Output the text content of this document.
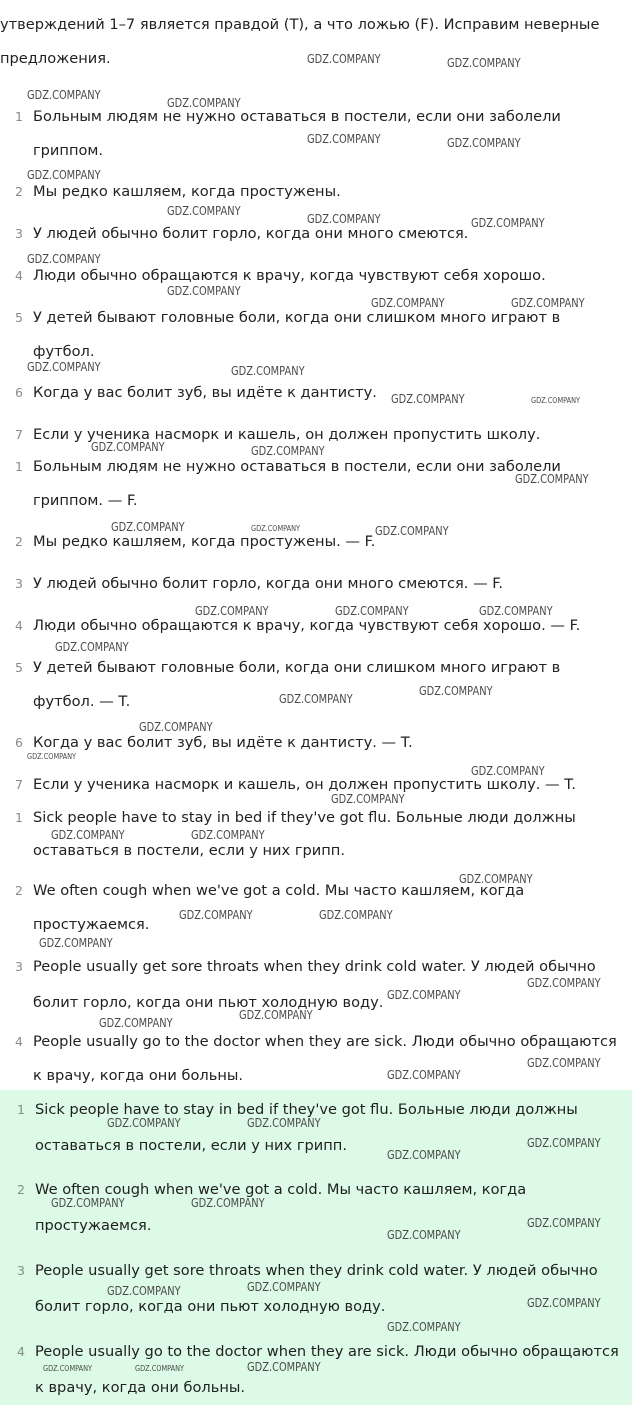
утверждений 1–7 является правдой (T), а что ложью (F). Исправим неверные предложения.

1 Больным людям не нужно оставаться в постели, если они заболели гриппом.
2 Мы редко кашляем, когда простужены.
3 У людей обычно болит горло, когда они много смеются.
4 Люди обычно обращаются к врачу, когда чувствуют себя хорошо.
5 У детей бывают головные боли, когда они слишком много играют в футбол.
6 Когда у вас болит зуб, вы идёте к дантисту.
7 Если у ученика насморк и кашель, он должен пропустить школу.
1 Больным людям не нужно оставаться в постели, если они заболели гриппом. — F.
2 Мы редко кашляем, когда простужены. — F.
3 У людей обычно болит горло, когда они много смеются. — F.
4 Люди обычно обращаются к врачу, когда чувствуют себя хорошо. — F.
5 У детей бывают головные боли, когда они слишком много играют в футбол. — T.
6 Когда у вас болит зуб, вы идёте к дантисту. — T.
7 Если у ученика насморк и кашель, он должен пропустить школу. — T.
1 Sick people have to stay in bed if they've got flu. Больные люди должны оставаться в постели, если у них грипп.
2 We often cough when we've got a cold. Мы часто кашляем, когда простужаемся.
3 People usually get sore throats when they drink cold water. У людей обычно болит горло, когда они пьют холодную воду.
4 People usually go to the doctor when they are sick. Люди обычно обращаются к врачу, когда они больны.
1 Sick people have to stay in bed if they've got flu. Больные люди должны оставаться в постели, если у них грипп.
2 We often cough when we've got a cold. Мы часто кашляем, когда простужаемся.
3 People usually get sore throats when they drink cold water. У людей обычно болит горло, когда они пьют холодную воду.
4 People usually go to the doctor when they are sick. Люди обычно обращаются к врачу, когда они больны.
GDZ.COMPANY	GDZ.COMPANY
GDZ.COMPANY
GDZ.COMPANY
GDZ.COMPANY	GDZ.COMPANY
GDZ.COMPANY
GDZ.COMPANY
GDZ.COMPANY	GDZ.COMPANY
GDZ.COMPANY
GDZ.COMPANY
GDZ.COMPANY	GDZ.COMPANY
GDZ.COMPANY	GDZ.COMPANY
GDZ.COMPANY	GDZ.COMPANY
GDZ.COMPANY	GDZ.COMPANY
GDZ.COMPANY
GDZ.COMPANY	GDZ.COMPANY	GDZ.COMPANY
GDZ.COMPANY	GDZ.COMPANY	GDZ.COMPANY
GDZ.COMPANY
GDZ.COMPANY
GDZ.COMPANY
GDZ.COMPANY
GDZ.COMPANY
GDZ.COMPANY
GDZ.COMPANY
GDZ.COMPANY	GDZ.COMPANY
GDZ.COMPANY
GDZ.COMPANY	GDZ.COMPANY
GDZ.COMPANY
GDZ.COMPANY
GDZ.COMPANY
GDZ.COMPANY
GDZ.COMPANY
GDZ.COMPANY
GDZ.COMPANY
GDZ.COMPANY	GDZ.COMPANY
GDZ.COMPANY
GDZ.COMPANY
GDZ.COMPANY	GDZ.COMPANY
GDZ.COMPANY
GDZ.COMPANY
GDZ.COMPANY	GDZ.COMPANY
GDZ.COMPANY
GDZ.COMPANY
GDZ.COMPANY	GDZ.COMPANY	GDZ.COMPANY
